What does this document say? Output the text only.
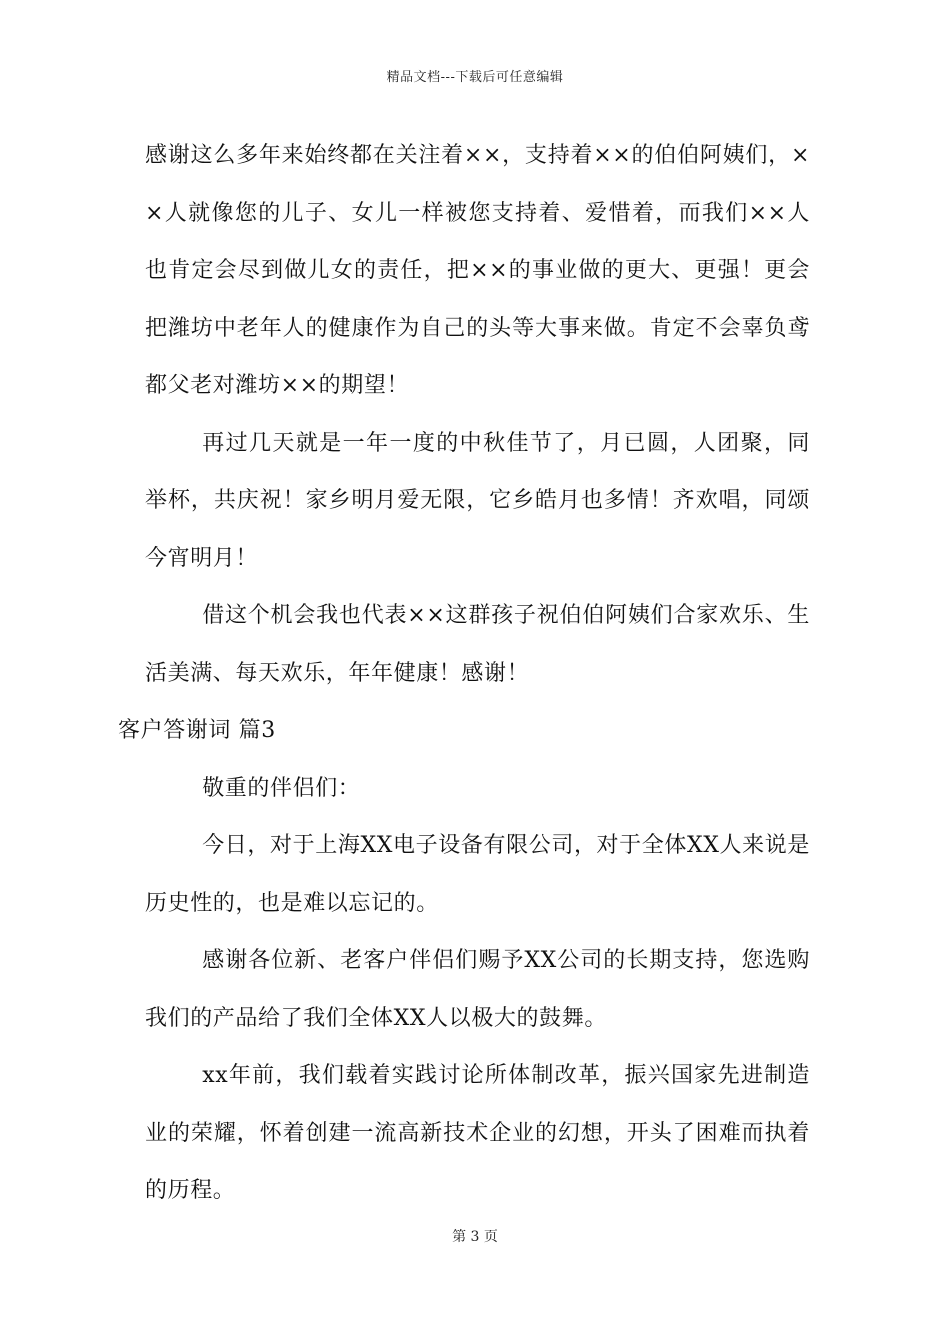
精品文档---下载后可任意编辑

感谢这么多年来始终都在关注着××，支持着××的伯伯阿姨们，××人就像您的儿子、女儿一样被您支持着、爱惜着，而我们××人也肯定会尽到做儿女的责任，把××的事业做的更大、更强！更会把潍坊中老年人的健康作为自己的头等大事来做。肯定不会辜负鸢都父老对潍坊××的期望！

再过几天就是一年一度的中秋佳节了，月已圆，人团聚，同举杯，共庆祝！家乡明月爱无限，它乡皓月也多情！齐欢唱，同颂今宵明月！

借这个机会我也代表××这群孩子祝伯伯阿姨们合家欢乐、生活美满、每天欢乐，年年健康！感谢！

客户答谢词 篇3

敬重的伴侣们：

今日，对于上海XX电子设备有限公司，对于全体XX人来说是历史性的，也是难以忘记的。

感谢各位新、老客户伴侣们赐予XX公司的长期支持，您选购我们的产品给了我们全体XX人以极大的鼓舞。

xx年前，我们载着实践讨论所体制改革，振兴国家先进制造业的荣耀，怀着创建一流高新技术企业的幻想，开头了困难而执着的历程。

第 3 页
